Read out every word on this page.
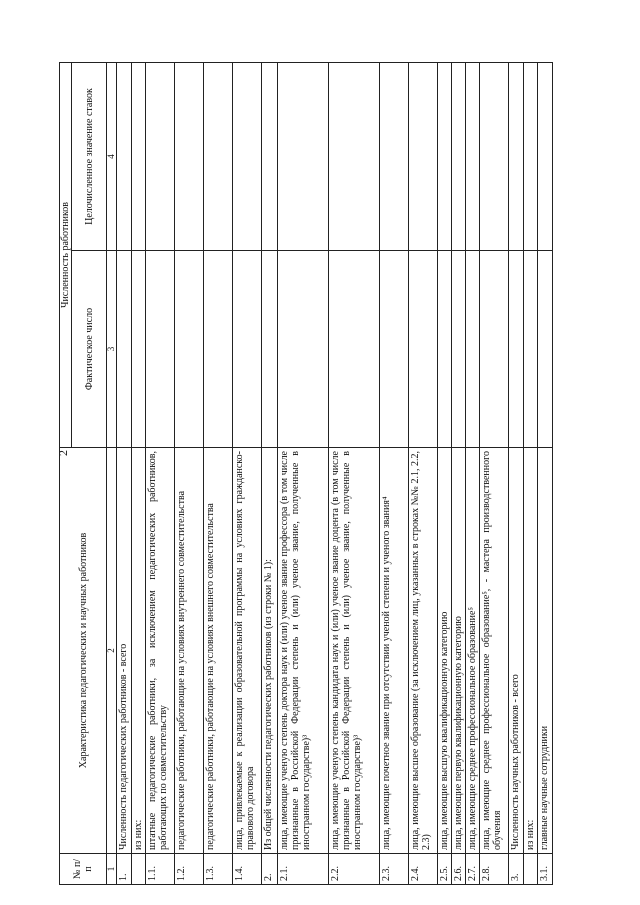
2
№ п/п	Характеристика педагогических и научных работников	Численность работников	
		Фактическое число	Целочисленное значение ставок
1	2	3	4
1.	Численность педагогических работников - всего		
	из них:		
1.1.	штатные педагогические работники, за исключением педагогических работников, работающих по совместительству		
1.2.	педагогические работники, работающие на условиях внутреннего совместительства		
1.3.	педагогические работники, работающие на условиях внешнего совместительства		
1.4.	лица, привлекаемые к реализации образовательной программы на условиях гражданско-правового договора		
2.	Из общей численности педагогических работников (из строки № 1):		
2.1.	лица, имеющие ученую степень доктора наук и (или) ученое звание профессора (в том числе признанные в Российской Федерации степень и (или) ученое звание, полученные в иностранном государстве)³		
2.2.	лица, имеющие ученую степень кандидата наук и (или) ученое звание доцента (в том числе признанные в Российской Федерации степень и (или) ученое звание, полученные в иностранном государстве)³		
2.3.	лица, имеющие почетное звание при отсутствии ученой степени и ученого звания⁴		
2.4.	лица, имеющие высшее образование (за исключением лиц, указанных в строках №№ 2.1, 2.2, 2.3)		
2.5.	лица, имеющие высшую квалификационную категорию		
2.6.	лица, имеющие первую квалификационную категорию		
2.7.	лица, имеющие среднее профессиональное образование⁵		
2.8.	лица, имеющие среднее профессиональное образование⁵, - мастера производственного обучения		
3.	Численность научных работников - всего		
	из них:		
3.1.	главные научные сотрудники		
